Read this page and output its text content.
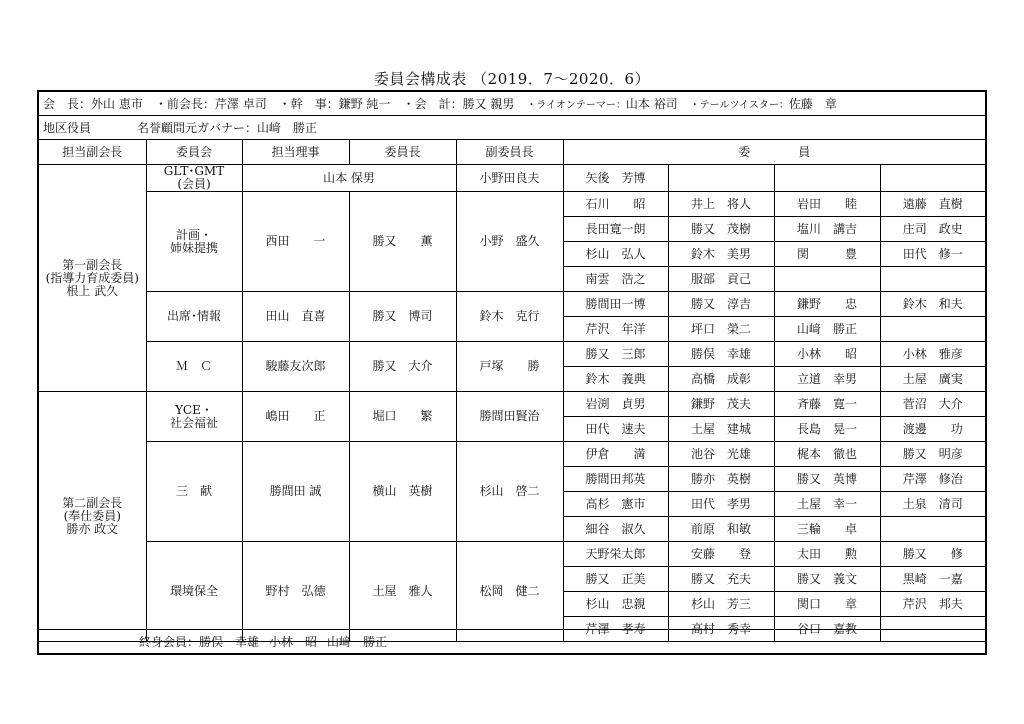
委員会構成表 （2019．7～2020．6）
会　長：外山 恵市　 ・前会長：芹澤 卓司　 ・幹　事：鎌野 純一　 ・会　計：勝又 親男　 ・ライオンテーマー：山本 裕司　 ・テールツイスター：佐藤　章
地区役員	名誉顧問元ガバナー：山﨑　勝正
担当副会長	委員会	担当理事	委員長	副委員長	委　　　　員			

第一副会長
(指導力育成委員)
根上 武久	GLT･GMT
(会員)	山本 保男		小野田良夫	矢後　芳博			
	計画・
姉妹提携	西田　　一	勝又　　薫	小野　盛久	石川　　昭	井上　将人	岩田　　睦	遠藤　直樹
					長田寛一朗	勝又　茂樹	塩川　講吉	庄司　政史
					杉山　弘人	鈴木　美男	関　　　豊	田代　修一
					南雲　浩之	服部　貢己		
	出席･情報	田山　直喜	勝又　博司	鈴木　克行	勝間田一博	勝又　淳吉	鎌野　　忠	鈴木　和夫
					芹沢　年洋	坪口　榮二	山﨑　勝正	
	Ｍ　Ｃ	駿藤友次郎	勝又　大介	戸塚　　勝	勝又　三郎	勝俣　幸雄	小林　　昭	小林　雅彦
					鈴木　義典	高橋　成彰	立道　幸男	土屋　廣実

第二副会長
(奉仕委員)
勝亦 政文	YCE・
社会福祉	嶋田　　正	堀口　　繁	勝間田賢治	岩渕　貞男	鎌野　茂夫	斉藤　寛一	菅沼　大介
					田代　速夫	土屋　建城	長島　晃一	渡邊　　功
	三　献	勝間田 誠	横山　英樹	杉山　啓二	伊倉　　満	池谷　光雄	梶本　徹也	勝又　明彦
					勝間田邦英	勝亦　英樹	勝又　英博	芹澤　修治
					高杉　憲市	田代　孝男	土屋　幸一	土泉　清司
					細谷　淑久	前原　和敏	三輪　　卓	
	環境保全	野村　弘徳	土屋　雅人	松岡　健二	天野栄太郎	安藤　　登	太田　　勲	勝又　　修
					勝又　正美	勝又　充夫	勝又　義文	黒崎　一嘉
					杉山　忠親	杉山　芳三	関口　　章	芹沢　邦夫
					芹澤　孝寿	高村　秀幸	谷口　嘉教	
終身会員：勝俣　幸雄 小林　昭 山﨑　勝正
